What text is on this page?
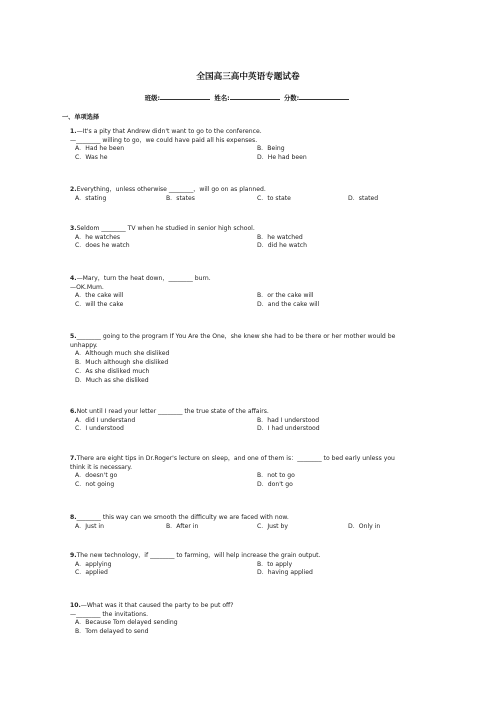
全国高三高中英语专题试卷
班级:	姓名:	分数:
一、单项选择
1.—It's a pity that Andrew didn't want to go to the conference.
—________ willing to go，we could have paid all his expenses.
A．Had he been	B．Being
C．Was he	D．He had been
2.Everything，unless otherwise ________，will go on as planned.
A．stating	B．states	C．to state	D．stated
3.Seldom ________ TV when he studied in senior high school.
A．he watches	B．he watched
C．does he watch	D．did he watch
4.—Mary，turn the heat down，________ burn.
—OK.Mum.
A．the cake will	B．or the cake will
C．will the cake	D．and the cake will
5.________ going to the program If You Are the One，she knew she had to be there or her mother would be
unhappy.
A．Although much she disliked
B．Much although she disliked
C．As she disliked much
D．Much as she disliked
6.Not until I read your letter ________ the true state of the affairs.
A．did I understand	B．had I understood
C．I understood	D．I had understood
7.There are eight tips in Dr.Roger's lecture on sleep，and one of them is：________ to bed early unless you
think it is necessary.
A．doesn't go	B．not to go
C．not going	D．don't go
8.________ this way can we smooth the difficulty we are faced with now.
A．Just in	B．After in	C．Just by	D．Only in
9.The new technology，if ________ to farming，will help increase the grain output.
A．applying	B．to apply
C．applied	D．having applied
10.—What was it that caused the party to be put off?
—________ the invitations.
A．Because Tom delayed sending
B．Tom delayed to send
